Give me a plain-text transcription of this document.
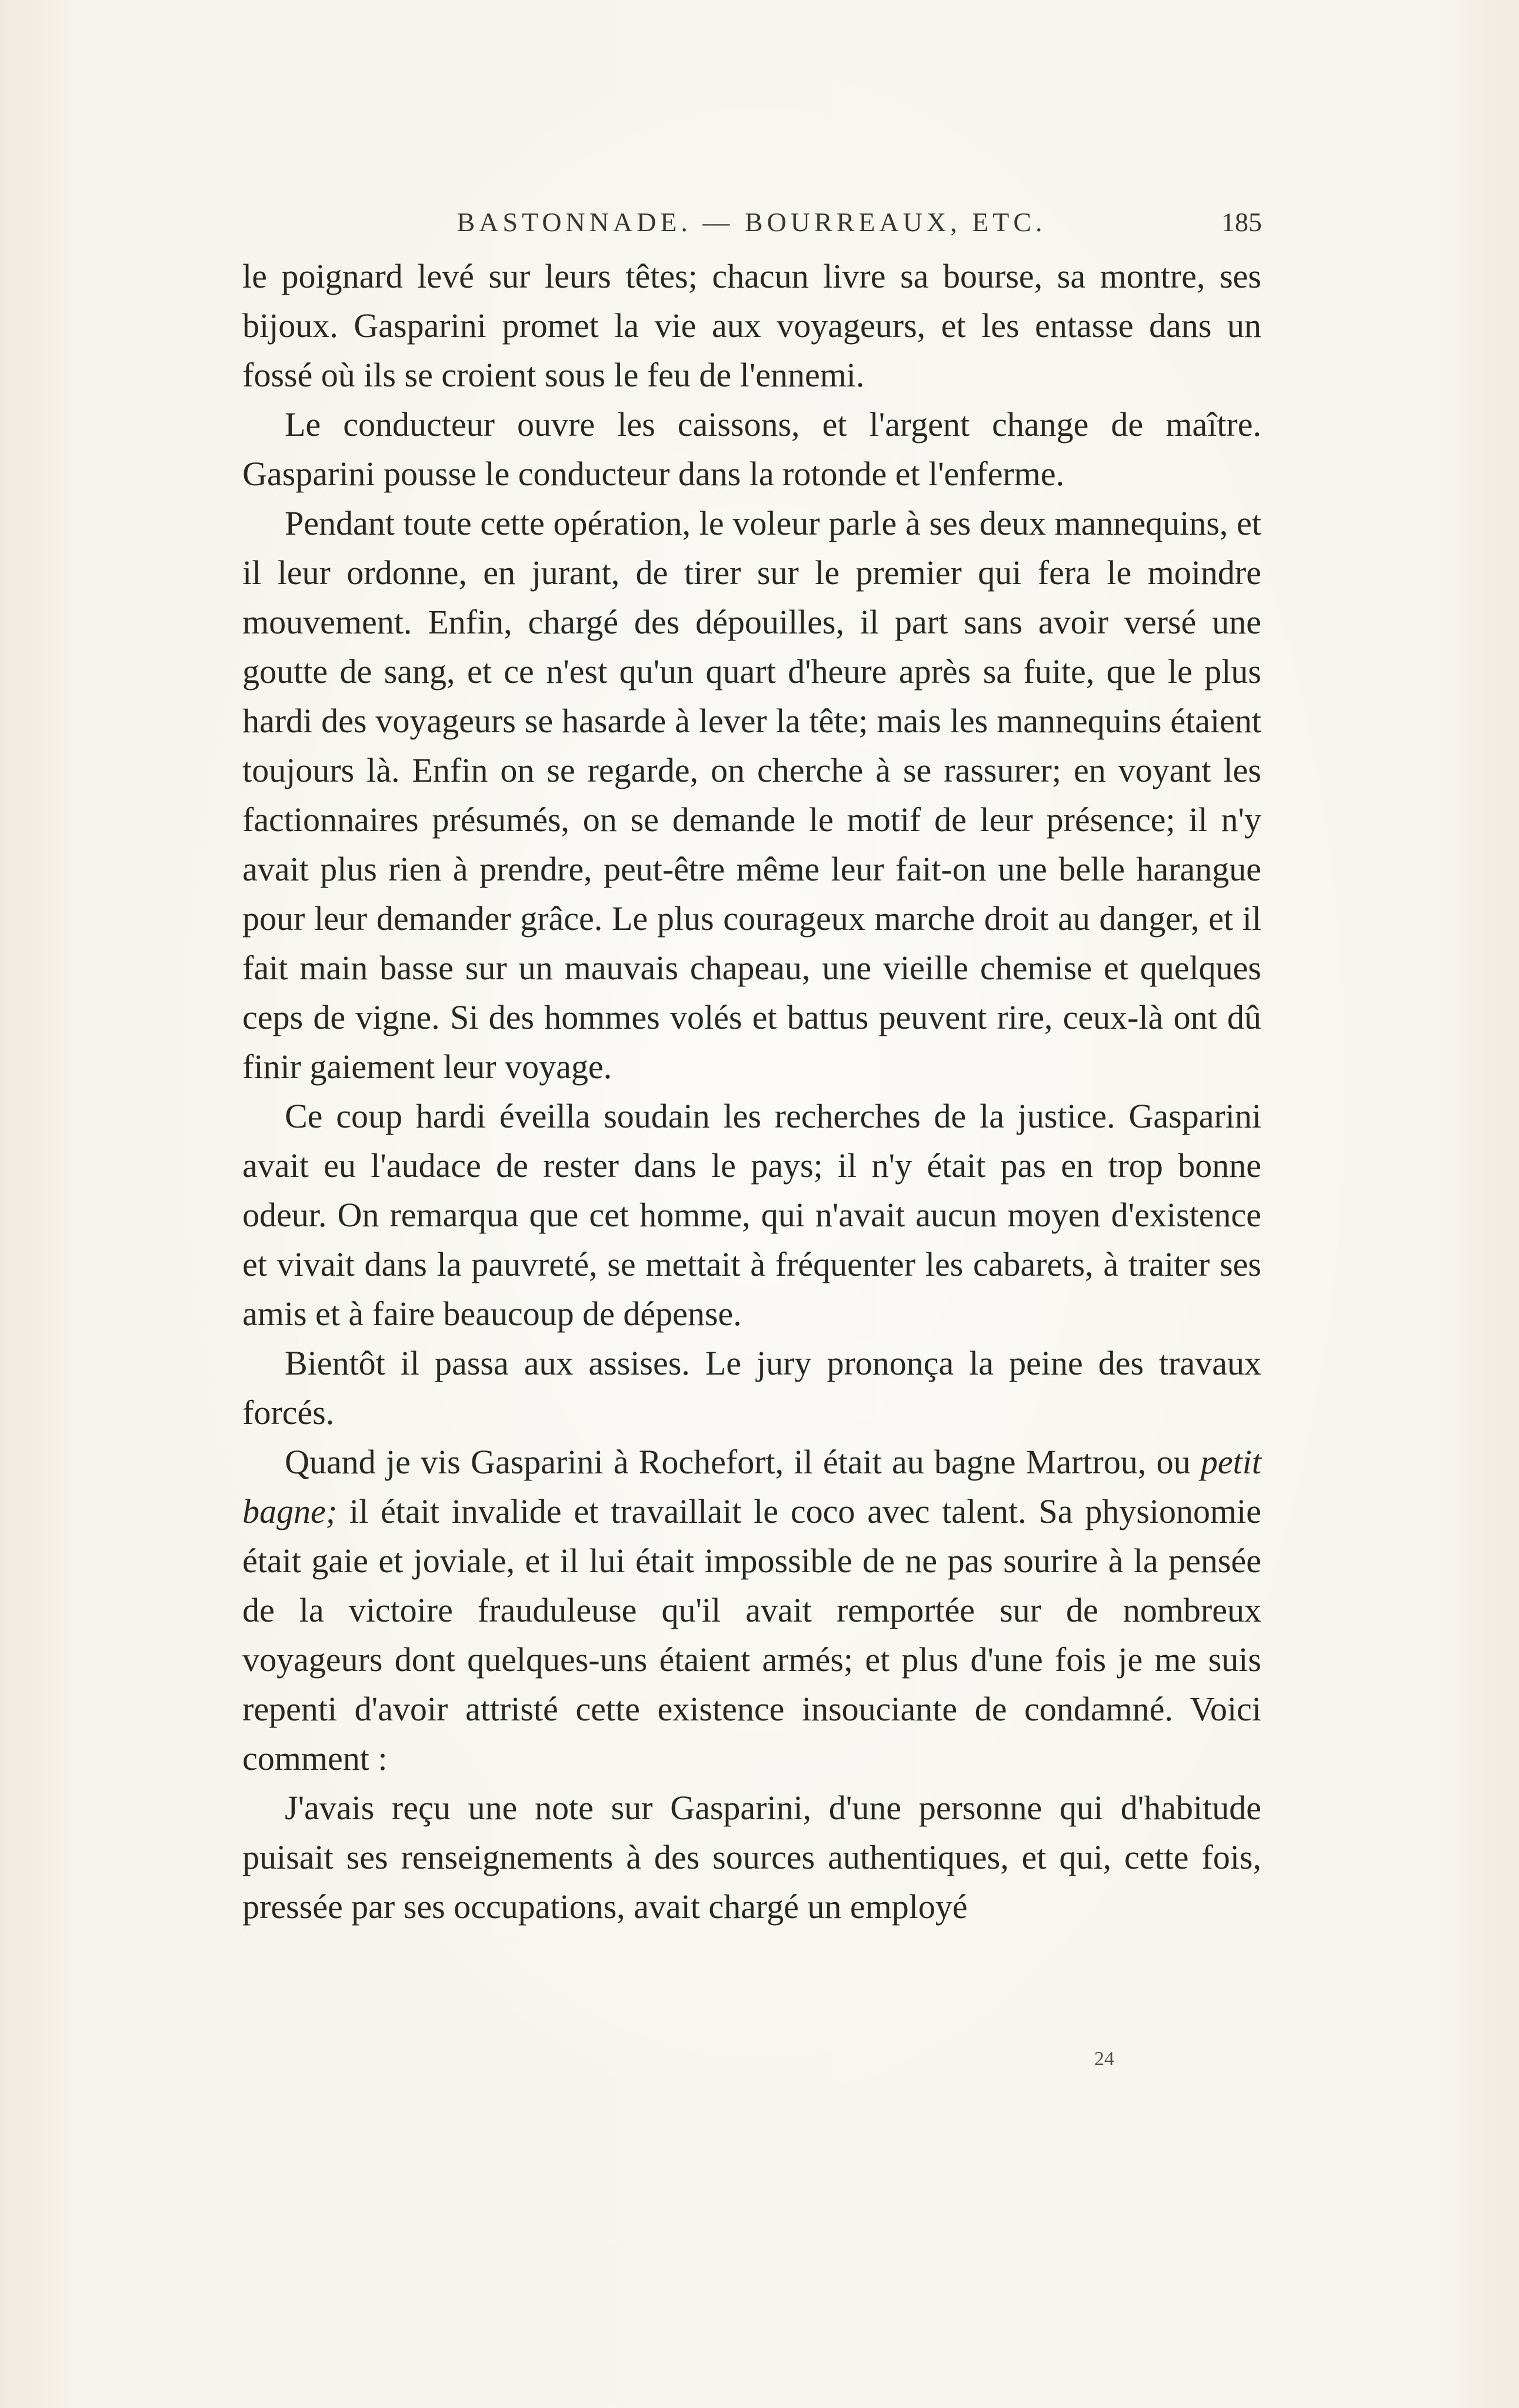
BASTONNADE. — BOURREAUX, ETC.	185

le poignard levé sur leurs têtes; chacun livre sa bourse, sa montre, ses bijoux. Gasparini promet la vie aux voyageurs, et les entasse dans un fossé où ils se croient sous le feu de l'ennemi.

Le conducteur ouvre les caissons, et l'argent change de maître. Gasparini pousse le conducteur dans la rotonde et l'enferme.

Pendant toute cette opération, le voleur parle à ses deux mannequins, et il leur ordonne, en jurant, de tirer sur le premier qui fera le moindre mouvement. Enfin, chargé des dépouilles, il part sans avoir versé une goutte de sang, et ce n'est qu'un quart d'heure après sa fuite, que le plus hardi des voyageurs se hasarde à lever la tête; mais les mannequins étaient toujours là. Enfin on se regarde, on cherche à se rassurer; en voyant les factionnaires présumés, on se demande le motif de leur présence; il n'y avait plus rien à prendre, peut-être même leur fait-on une belle harangue pour leur demander grâce. Le plus courageux marche droit au danger, et il fait main basse sur un mauvais chapeau, une vieille chemise et quelques ceps de vigne. Si des hommes volés et battus peuvent rire, ceux-là ont dû finir gaiement leur voyage.

Ce coup hardi éveilla soudain les recherches de la justice. Gasparini avait eu l'audace de rester dans le pays; il n'y était pas en trop bonne odeur. On remarqua que cet homme, qui n'avait aucun moyen d'existence et vivait dans la pauvreté, se mettait à fréquenter les cabarets, à traiter ses amis et à faire beaucoup de dépense.

Bientôt il passa aux assises. Le jury prononça la peine des travaux forcés.

Quand je vis Gasparini à Rochefort, il était au bagne Martrou, ou petit bagne; il était invalide et travaillait le coco avec talent. Sa physionomie était gaie et joviale, et il lui était impossible de ne pas sourire à la pensée de la victoire frauduleuse qu'il avait remportée sur de nombreux voyageurs dont quelques-uns étaient armés; et plus d'une fois je me suis repenti d'avoir attristé cette existence insouciante de condamné. Voici comment :

J'avais reçu une note sur Gasparini, d'une personne qui d'habitude puisait ses renseignements à des sources authentiques, et qui, cette fois, pressée par ses occupations, avait chargé un employé

24
